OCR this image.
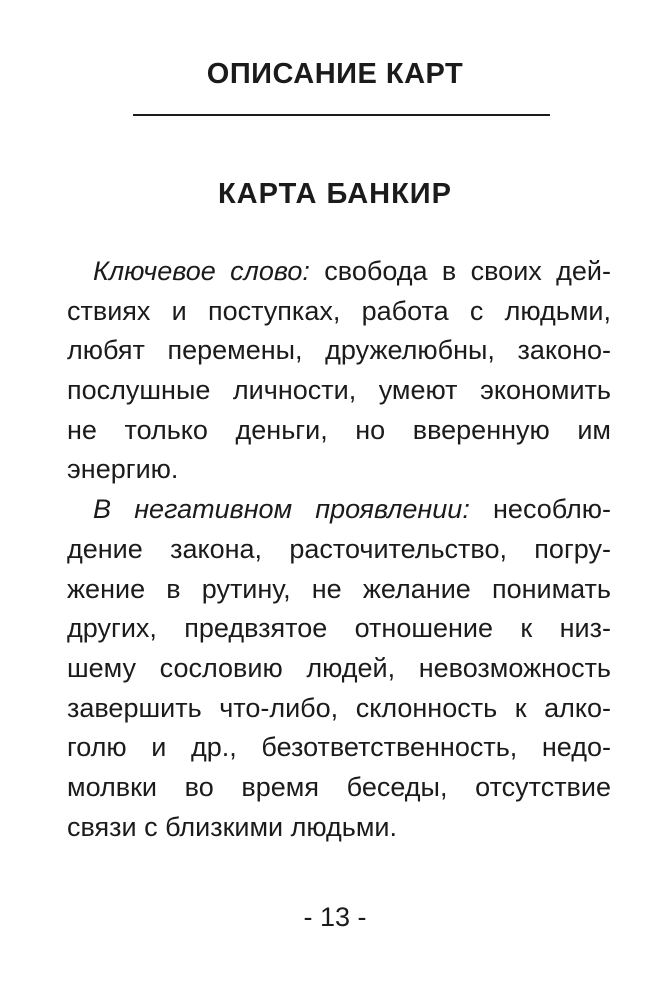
ОПИСАНИЕ КАРТ
КАРТА БАНКИР
Ключевое слово: свобода в своих дей-
ствиях и поступках, работа с людьми,
любят перемены, дружелюбны, законо-
послушные личности, умеют экономить
не только деньги, но вверенную им
энергию.
В негативном проявлении: несоблю-
дение закона, расточительство, погру-
жение в рутину, не желание понимать
других, предвзятое отношение к низ-
шему сословию людей, невозможность
завершить что-либо, склонность к алко-
голю и др., безответственность, недо-
молвки во время беседы, отсутствие
связи с близкими людьми.
- 13 -
